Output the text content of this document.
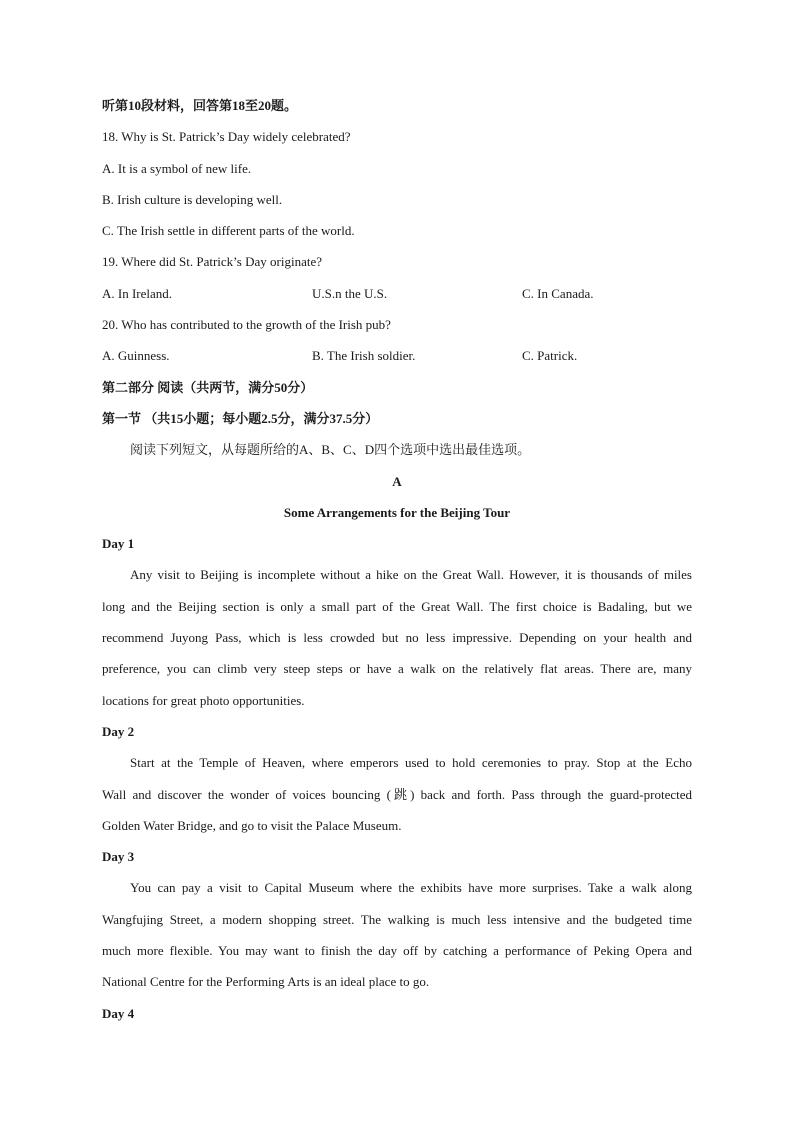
听第10段材料，回答第18至20题。
18. Why is St. Patrick’s Day widely celebrated?
A. It is a symbol of new life.
B. Irish culture is developing well.
C. The Irish settle in different parts of the world.
19. Where did St. Patrick’s Day originate?
A. In Ireland.	U.S.n the U.S.	C. In Canada.
20. Who has contributed to the growth of the Irish pub?
A. Guinness.	B. The Irish soldier.	C. Patrick.
第二部分 阅读（共两节，满分50分）
第一节 （共15小题；每小题2.5分，满分37.5分）
阅读下列短文，从每题所给的A、B、C、D四个选项中选出最佳选项。
A
Some Arrangements for the Beijing Tour
Day 1
Any visit to Beijing is incomplete without a hike on the Great Wall. However, it is thousands of miles
long and the Beijing section is only a small part of the Great Wall. The first choice is Badaling, but we
recommend Juyong Pass, which is less crowded but no less impressive. Depending on your health and
preference, you can climb very steep steps or have a walk on the relatively flat areas. There are, many
locations for great photo opportunities.
Day 2
Start at the Temple of Heaven, where emperors used to hold ceremonies to pray. Stop at the Echo
Wall and discover the wonder of voices bouncing (跳) back and forth. Pass through the guard-protected
Golden Water Bridge, and go to visit the Palace Museum.
Day 3
You can pay a visit to Capital Museum where the exhibits have more surprises. Take a walk along
Wangfujing Street, a modern shopping street. The walking is much less intensive and the budgeted time
much more flexible. You may want to finish the day off by catching a performance of Peking Opera and
National Centre for the Performing Arts is an ideal place to go.
Day 4
